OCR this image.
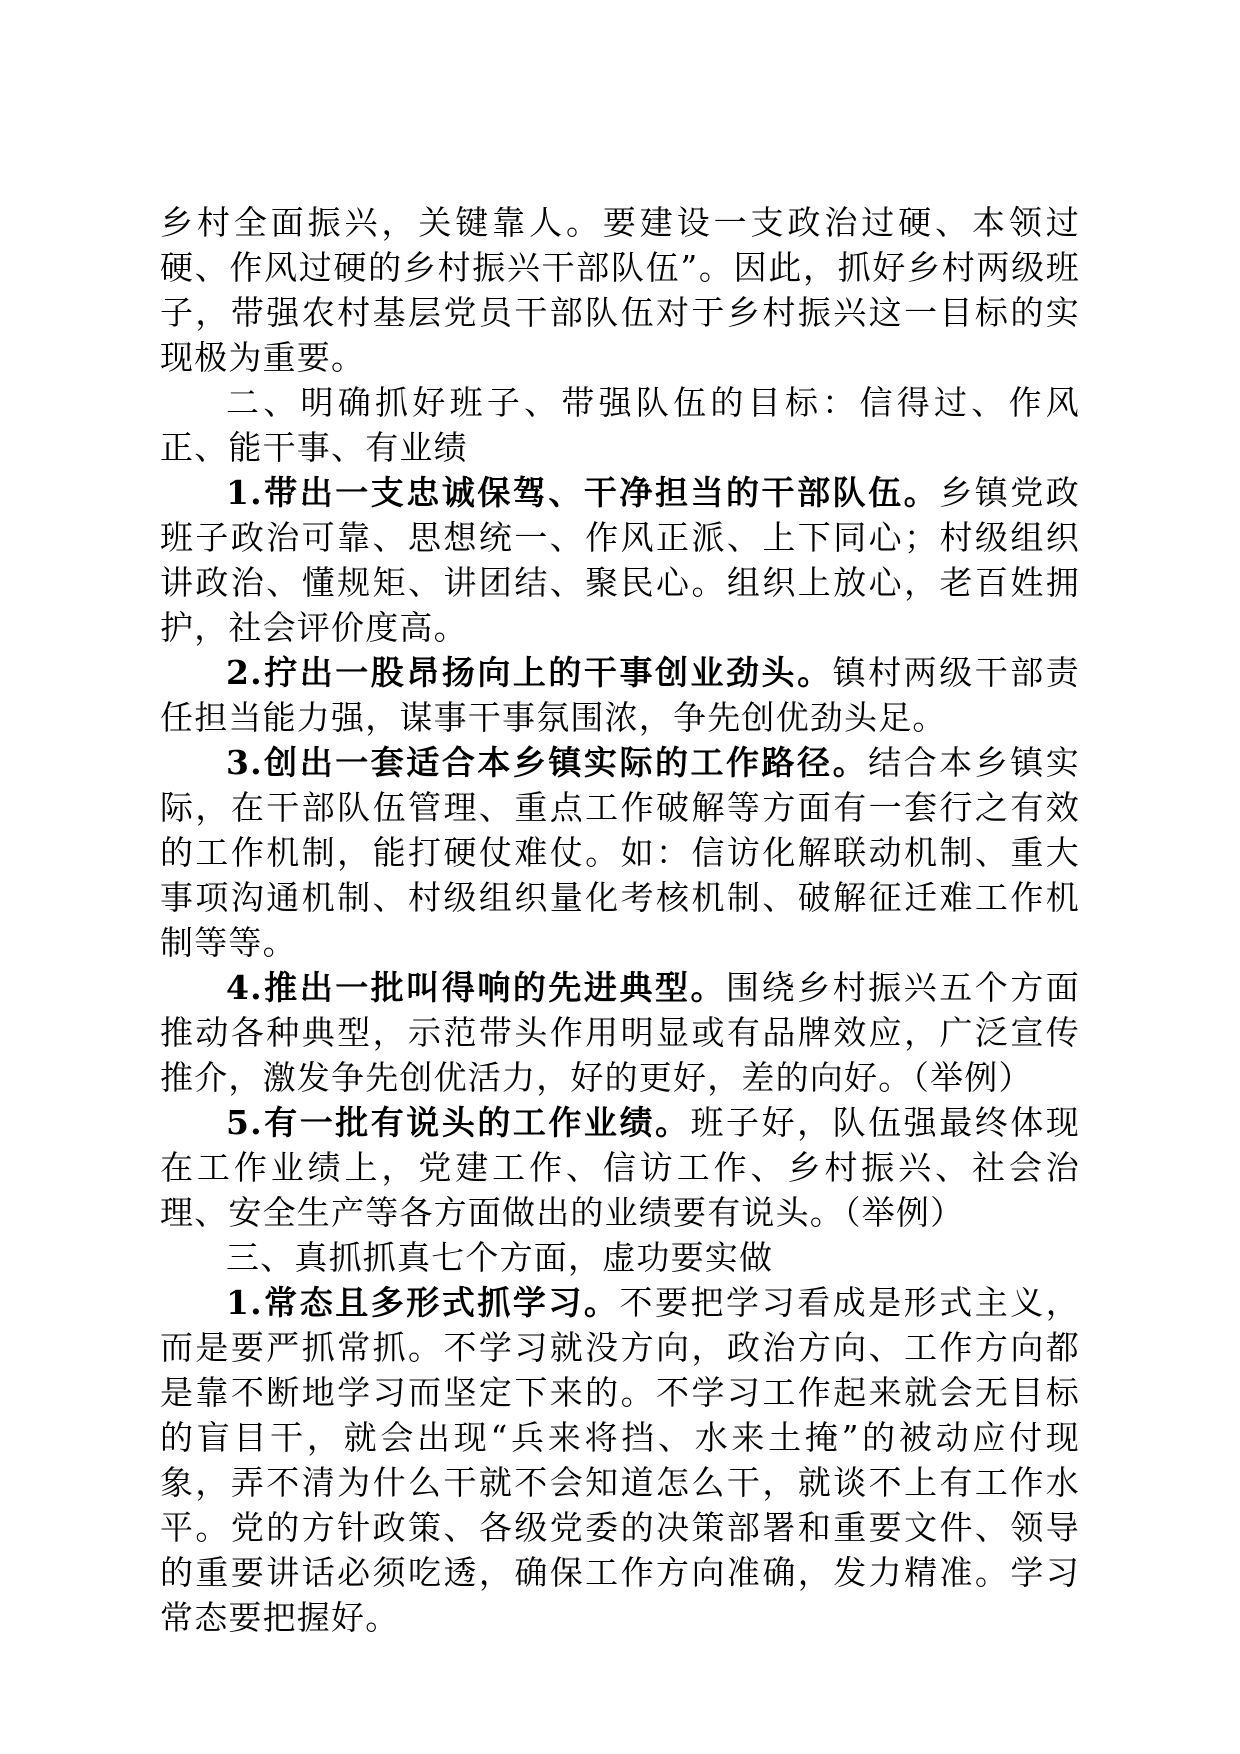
乡村全面振兴，关键靠人。要建设一支政治过硬、本领过硬、作风过硬的乡村振兴干部队伍”。因此，抓好乡村两级班子，带强农村基层党员干部队伍对于乡村振兴这一目标的实现极为重要。

二、明确抓好班子、带强队伍的目标：信得过、作风正、能干事、有业绩

1.带出一支忠诚保驾、干净担当的干部队伍。乡镇党政班子政治可靠、思想统一、作风正派、上下同心；村级组织讲政治、懂规矩、讲团结、聚民心。组织上放心，老百姓拥护，社会评价度高。

2.拧出一股昂扬向上的干事创业劲头。镇村两级干部责任担当能力强，谋事干事氛围浓，争先创优劲头足。

3.创出一套适合本乡镇实际的工作路径。结合本乡镇实际，在干部队伍管理、重点工作破解等方面有一套行之有效的工作机制，能打硬仗难仗。如：信访化解联动机制、重大事项沟通机制、村级组织量化考核机制、破解征迁难工作机制等等。

4.推出一批叫得响的先进典型。围绕乡村振兴五个方面推动各种典型，示范带头作用明显或有品牌效应，广泛宣传推介，激发争先创优活力，好的更好，差的向好。（举例）

5.有一批有说头的工作业绩。班子好，队伍强最终体现在工作业绩上，党建工作、信访工作、乡村振兴、社会治理、安全生产等各方面做出的业绩要有说头。（举例）

三、真抓抓真七个方面，虚功要实做

1.常态且多形式抓学习。不要把学习看成是形式主义，而是要严抓常抓。不学习就没方向，政治方向、工作方向都是靠不断地学习而坚定下来的。不学习工作起来就会无目标的盲目干，就会出现“兵来将挡、水来土掩”的被动应付现象，弄不清为什么干就不会知道怎么干，就谈不上有工作水平。党的方针政策、各级党委的决策部署和重要文件、领导的重要讲话必须吃透，确保工作方向准确，发力精准。学习常态要把握好。
